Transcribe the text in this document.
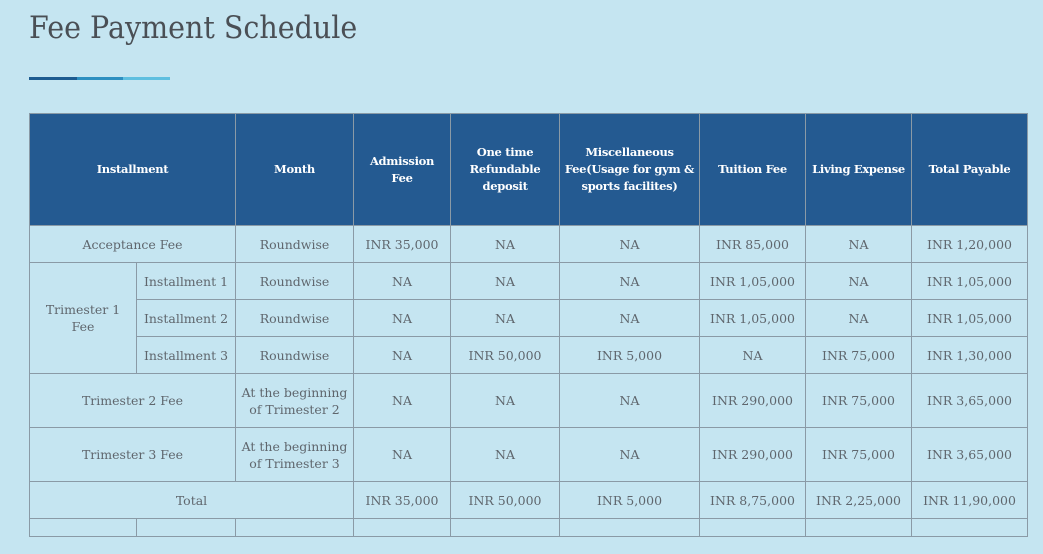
Fee Payment Schedule
Installment		Month	Admission Fee	One time Refundable deposit	Miscellaneous Fee(Usage for gym & sports facilites)	Tuition Fee	Living Expense	Total Payable
Acceptance Fee		Roundwise	INR 35,000	NA	NA	INR 85,000	NA	INR 1,20,000
Trimester 1 Fee	Installment 1	Roundwise	NA	NA	NA	INR 1,05,000	NA	INR 1,05,000
	Installment 2	Roundwise	NA	NA	NA	INR 1,05,000	NA	INR 1,05,000
	Installment 3	Roundwise	NA	INR 50,000	INR 5,000	NA	INR 75,000	INR 1,30,000
Trimester 2 Fee		At the beginning of Trimester 2	NA	NA	NA	INR 290,000	INR 75,000	INR 3,65,000
Trimester 3 Fee		At the beginning of Trimester 3	NA	NA	NA	INR 290,000	INR 75,000	INR 3,65,000
Total			INR 35,000	INR 50,000	INR 5,000	INR 8,75,000	INR 2,25,000	INR 11,90,000
